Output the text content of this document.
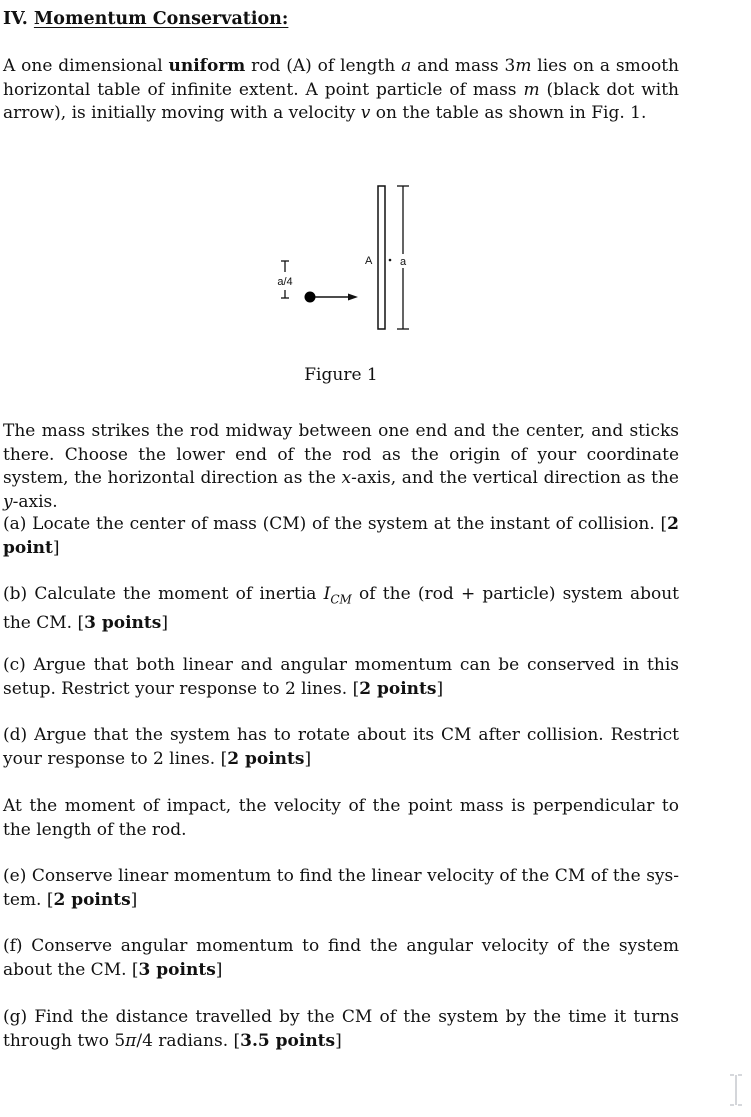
IV. Momentum Conservation:

A one dimensional uniform rod (A) of length a and mass 3m lies on a smooth horizontal table of infinite extent. A point particle of mass m (black dot with arrow), is initially moving with a velocity v on the table as shown in Fig. 1.

A	a
a/4
Figure 1

The mass strikes the rod midway between one end and the center, and sticks there. Choose the lower end of the rod as the origin of your coordinate system, the horizontal direction as the x-axis, and the vertical direction as the y-axis.

(a) Locate the center of mass (CM) of the system at the instant of collision. [2 point]

(b) Calculate the moment of inertia $I_{CM}$ of the (rod + particle) system about the CM. [3 points]

(c) Argue that both linear and angular momentum can be conserved in this setup. Restrict your response to 2 lines. [2 points]

(d) Argue that the system has to rotate about its CM after collision. Restrict your response to 2 lines. [2 points]

At the moment of impact, the velocity of the point mass is perpendicular to the length of the rod.

(e) Conserve linear momentum to find the linear velocity of the CM of the sys-tem. [2 points]

(f) Conserve angular momentum to find the angular velocity of the system about the CM. [3 points]

(g) Find the distance travelled by the CM of the system by the time it turns through two 5π/4 radians. [3.5 points]
